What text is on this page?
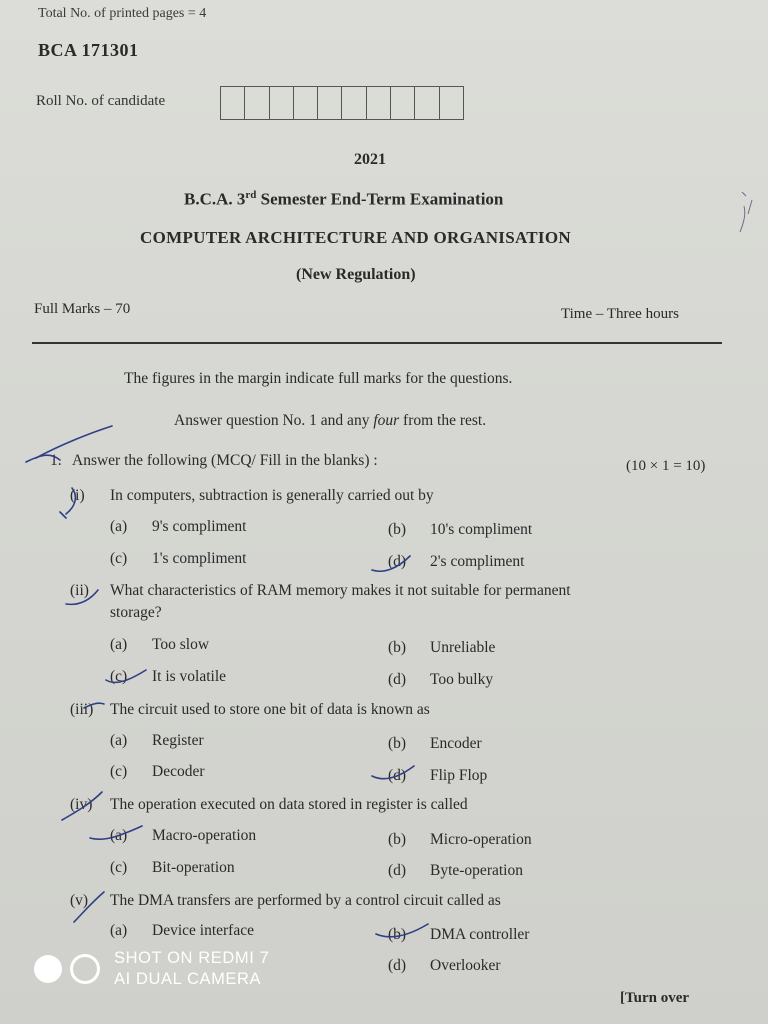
Total No. of printed pages = 4
BCA 171301
Roll No. of candidate
2021
B.C.A. 3rd Semester End-Term Examination
COMPUTER ARCHITECTURE AND ORGANISATION
(New Regulation)
Full Marks – 70	Time – Three hours
The figures in the margin indicate full marks for the questions.
Answer question No. 1 and any four from the rest.
1. Answer the following (MCQ/ Fill in the blanks) :	(10 × 1 = 10)
(i) In computers, subtraction is generally carried out by
(a) 9's compliment	(b) 10's compliment
(c) 1's compliment	(d) 2's compliment
(ii) What characteristics of RAM memory makes it not suitable for permanent
storage?
(a) Too slow	(b) Unreliable
(c) It is volatile	(d) Too bulky
(iii) The circuit used to store one bit of data is known as
(a) Register	(b) Encoder
(c) Decoder	(d) Flip Flop
(iv) The operation executed on data stored in register is called
(a) Macro-operation	(b) Micro-operation
(c) Bit-operation	(d) Byte-operation
(v) The DMA transfers are performed by a control circuit called as
(a) Device interface	(b) DMA controller
(d) Overlooker
[Turn over
SHOT ON REDMI 7
AI DUAL CAMERA
